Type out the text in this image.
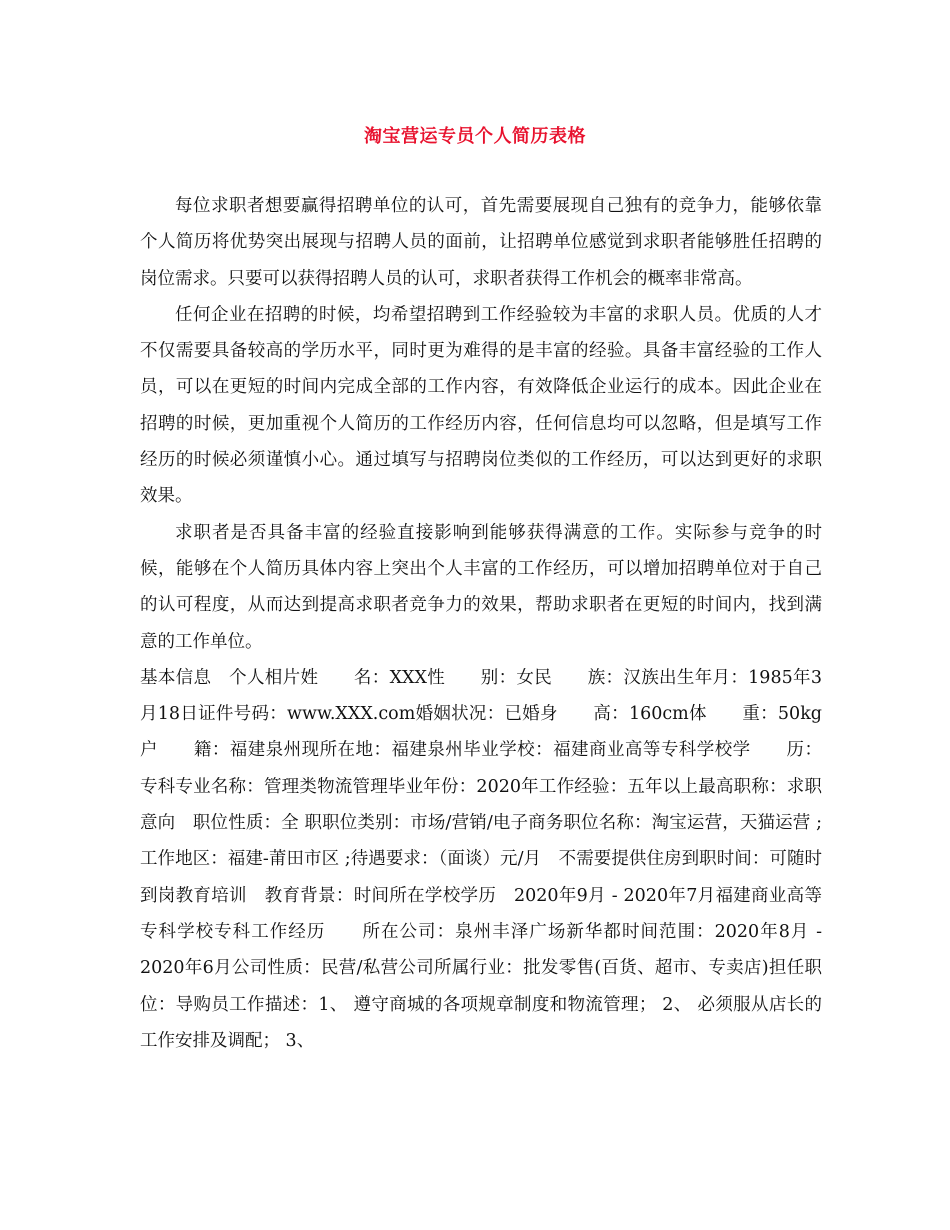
淘宝营运专员个人简历表格

每位求职者想要赢得招聘单位的认可，首先需要展现自己独有的竞争力，能够依靠个人简历将优势突出展现与招聘人员的面前，让招聘单位感觉到求职者能够胜任招聘的岗位需求。只要可以获得招聘人员的认可，求职者获得工作机会的概率非常高。

任何企业在招聘的时候，均希望招聘到工作经验较为丰富的求职人员。优质的人才不仅需要具备较高的学历水平，同时更为难得的是丰富的经验。具备丰富经验的工作人员，可以在更短的时间内完成全部的工作内容，有效降低企业运行的成本。因此企业在招聘的时候，更加重视个人简历的工作经历内容，任何信息均可以忽略，但是填写工作经历的时候必须谨慎小心。通过填写与招聘岗位类似的工作经历，可以达到更好的求职效果。

求职者是否具备丰富的经验直接影响到能够获得满意的工作。实际参与竞争的时候，能够在个人简历具体内容上突出个人丰富的工作经历，可以增加招聘单位对于自己的认可程度，从而达到提高求职者竞争力的效果，帮助求职者在更短的时间内，找到满意的工作单位。

基本信息　个人相片姓　　名：XXX性　　别：女民　　族：汉族出生年月：1985年3月18日证件号码：www.XXX.com婚姻状况：已婚身　　高：160cm体　　重：50kg户　　籍：福建泉州现所在地：福建泉州毕业学校：福建商业高等专科学校学　　历：专科专业名称：管理类物流管理毕业年份：2020年工作经验：五年以上最高职称：求职意向　职位性质：全 职职位类别：市场/营销/电子商务职位名称：淘宝运营，天猫运营 ;工作地区：福建-莆田市区 ;待遇要求：（面谈）元/月　不需要提供住房到职时间：可随时到岗教育培训　教育背景：时间所在学校学历　2020年9月 - 2020年7月福建商业高等专科学校专科工作经历　　所在公司：泉州丰泽广场新华都时间范围：2020年8月 - 2020年6月公司性质：民营/私营公司所属行业：批发零售(百货、超市、专卖店)担任职位：导购员工作描述：1、 遵守商城的各项规章制度和物流管理； 2、 必须服从店长的工作安排及调配； 3、
